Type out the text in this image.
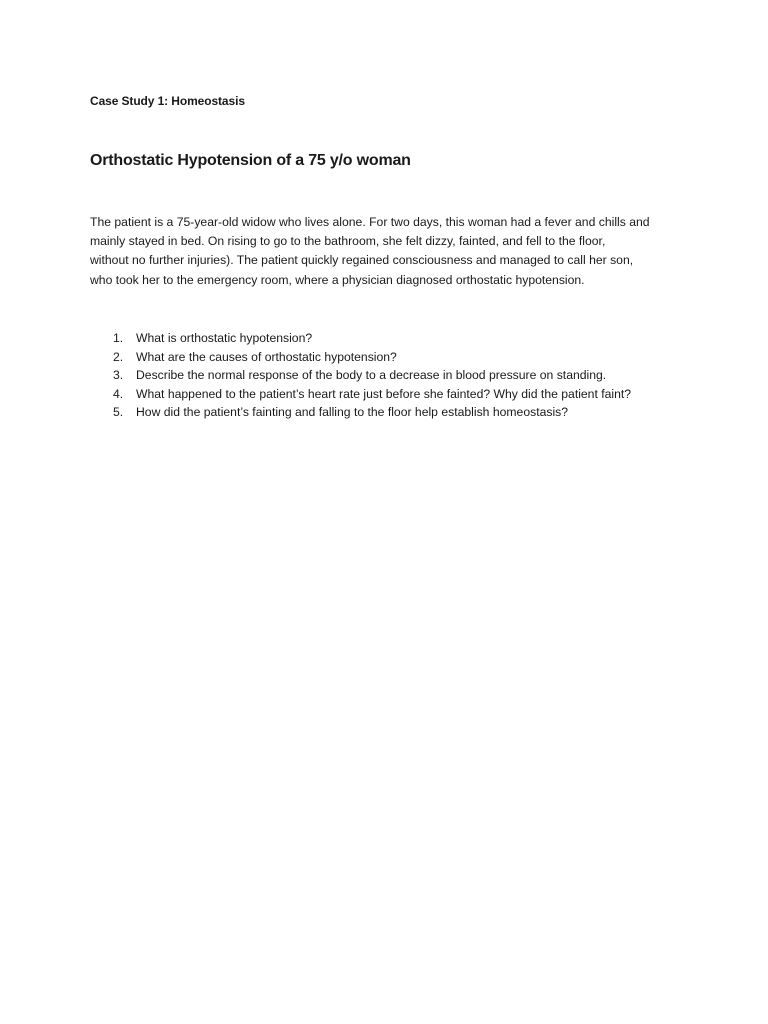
Case Study 1: Homeostasis

Orthostatic Hypotension of a 75 y/o woman

The patient is a 75-year-old widow who lives alone. For two days, this woman had a fever and chills and
mainly stayed in bed. On rising to go to the bathroom, she felt dizzy, fainted, and fell to the floor,
without no further injuries). The patient quickly regained consciousness and managed to call her son,
who took her to the emergency room, where a physician diagnosed orthostatic hypotension.

1. What is orthostatic hypotension?
2. What are the causes of orthostatic hypotension?
3. Describe the normal response of the body to a decrease in blood pressure on standing.
4. What happened to the patient’s heart rate just before she fainted? Why did the patient faint?
5. How did the patient’s fainting and falling to the floor help establish homeostasis?
